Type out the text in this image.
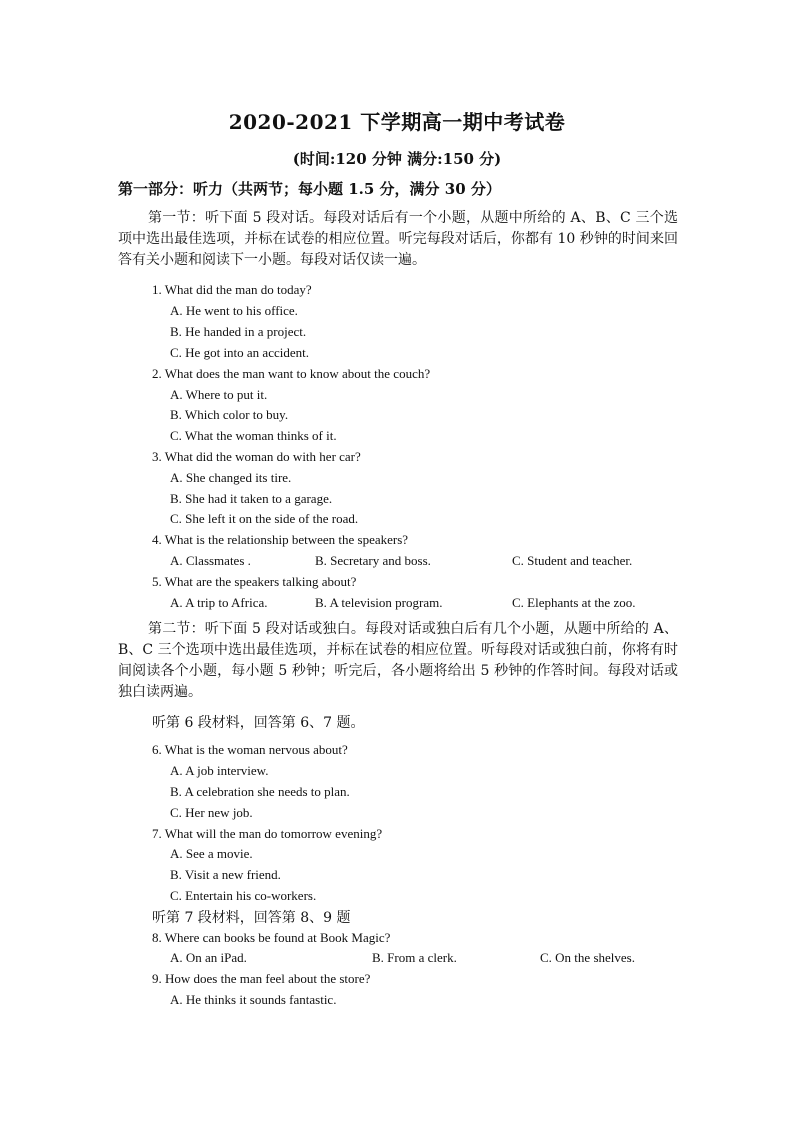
2020-2021 下学期高一期中考试卷
(时间:120 分钟 满分:150 分)
第一部分：听力（共两节；每小题 1.5 分，满分 30 分）
第一节：听下面 5 段对话。每段对话后有一个小题，从题中所给的 A、B、C 三个选项中选出最佳选项，并标在试卷的相应位置。听完每段对话后，你都有 10 秒钟的时间来回答有关小题和阅读下一小题。每段对话仅读一遍。
1. What did the man do today?
A. He went to his office.
B. He handed in a project.
C. He got into an accident.
2. What does the man want to know about the couch?
A. Where to put it.
B. Which color to buy.
C. What the woman thinks of it.
3. What did the woman do with her car?
A. She changed its tire.
B. She had it taken to a garage.
C. She left it on the side of the road.
4. What is the relationship between the speakers?
A. Classmates .	B. Secretary and boss.	C. Student and teacher.
5. What are the speakers talking about?
A. A trip to Africa.	B. A television program.	C. Elephants at the zoo.
第二节：听下面 5 段对话或独白。每段对话或独白后有几个小题，从题中所给的 A、B、C 三个选项中选出最佳选项，并标在试卷的相应位置。听每段对话或独白前，你将有时间阅读各个小题，每小题 5 秒钟；听完后，各小题将给出 5 秒钟的作答时间。每段对话或独白读两遍。
听第 6 段材料，回答第 6、7 题。
6. What is the woman nervous about?
A. A job interview.
B. A celebration she needs to plan.
C. Her new job.
7. What will the man do tomorrow evening?
A. See a movie.
B. Visit a new friend.
C. Entertain his co-workers.
听第 7 段材料，回答第 8、9 题
8. Where can books be found at Book Magic?
A. On an iPad.	B. From a clerk.	C. On the shelves.
9. How does the man feel about the store?
A. He thinks it sounds fantastic.
